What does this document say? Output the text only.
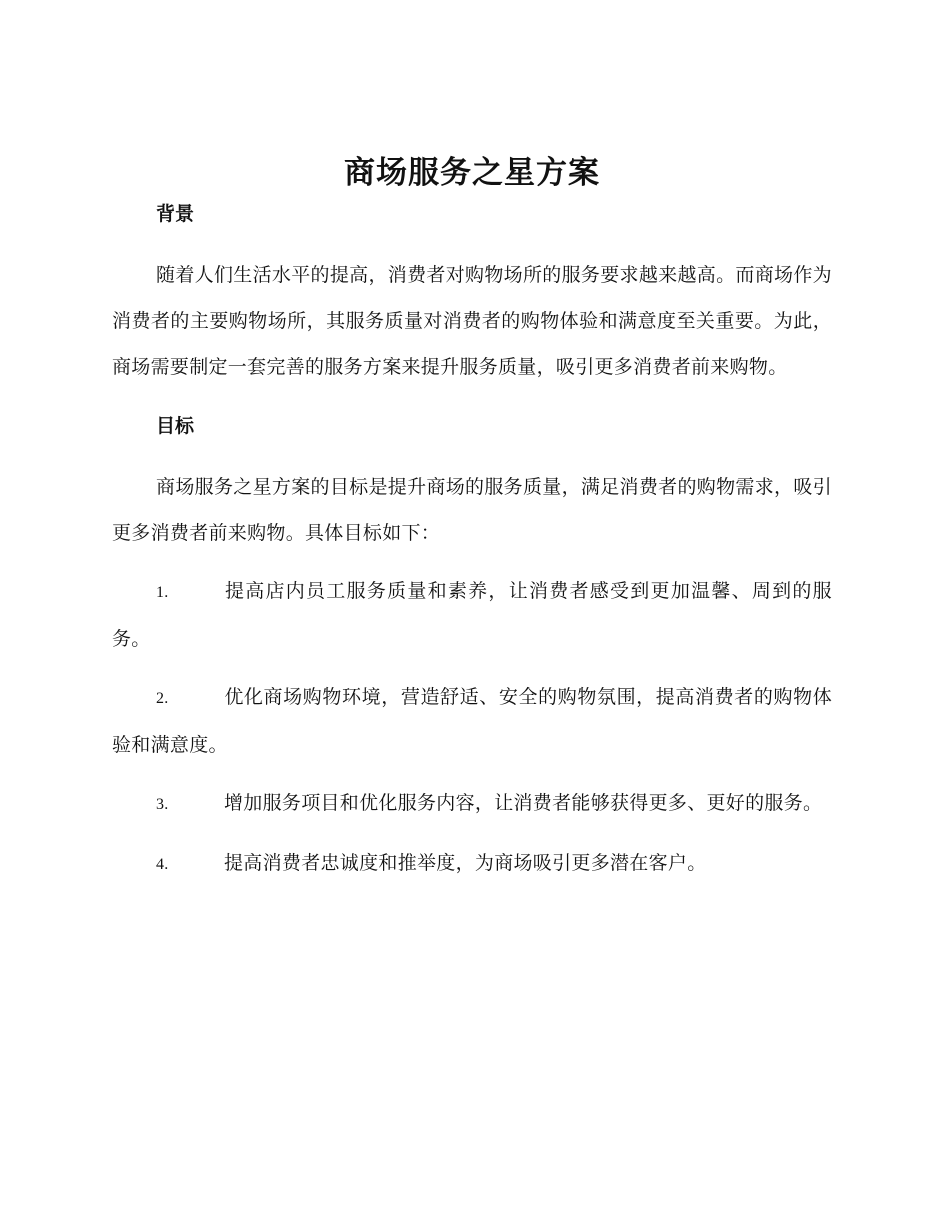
商场服务之星方案
背景

随着人们生活水平的提高，消费者对购物场所的服务要求越来越高。而商场作为消费者的主要购物场所，其服务质量对消费者的购物体验和满意度至关重要。为此，商场需要制定一套完善的服务方案来提升服务质量，吸引更多消费者前来购物。

目标

商场服务之星方案的目标是提升商场的服务质量，满足消费者的购物需求，吸引更多消费者前来购物。具体目标如下：

1.	提高店内员工服务质量和素养，让消费者感受到更加温馨、周到的服务。

2.	优化商场购物环境，营造舒适、安全的购物氛围，提高消费者的购物体验和满意度。

3.	增加服务项目和优化服务内容，让消费者能够获得更多、更好的服务。

4.	提高消费者忠诚度和推举度，为商场吸引更多潜在客户。
